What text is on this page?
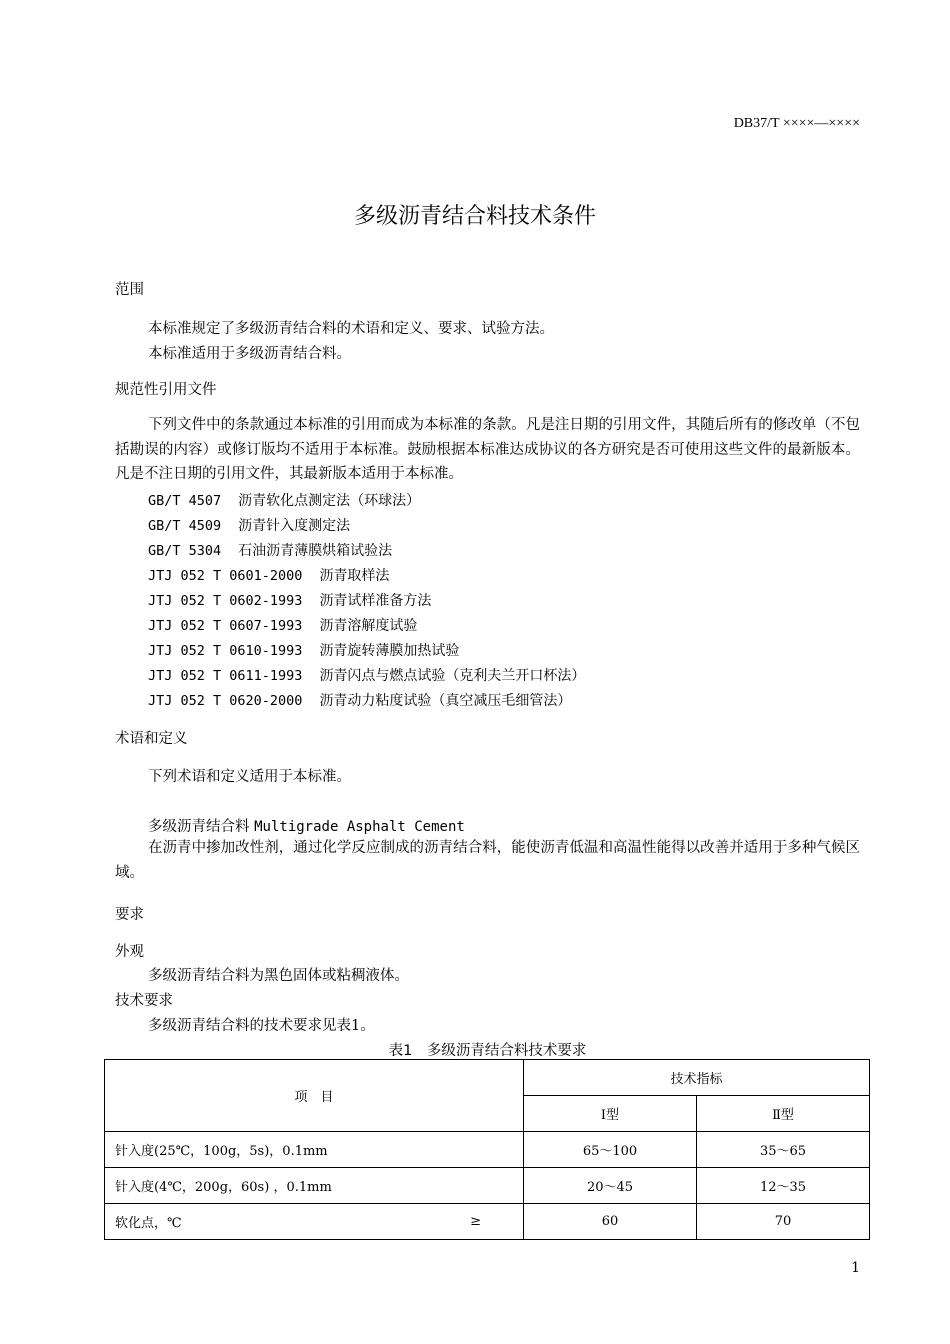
DB37/T ××××—××××
多级沥青结合料技术条件
范围
本标准规定了多级沥青结合料的术语和定义、要求、试验方法。
本标准适用于多级沥青结合料。
规范性引用文件
下列文件中的条款通过本标准的引用而成为本标准的条款。凡是注日期的引用文件，其随后所有的修改单（不包括勘误的内容）或修订版均不适用于本标准。鼓励根据本标准达成协议的各方研究是否可使用这些文件的最新版本。凡是不注日期的引用文件，其最新版本适用于本标准。
GB/T 4507 沥青软化点测定法（环球法）
GB/T 4509 沥青针入度测定法
GB/T 5304 石油沥青薄膜烘箱试验法
JTJ 052 T 0601-2000 沥青取样法
JTJ 052 T 0602-1993 沥青试样准备方法
JTJ 052 T 0607-1993 沥青溶解度试验
JTJ 052 T 0610-1993 沥青旋转薄膜加热试验
JTJ 052 T 0611-1993 沥青闪点与燃点试验（克利夫兰开口杯法）
JTJ 052 T 0620-2000 沥青动力粘度试验（真空减压毛细管法）
术语和定义
下列术语和定义适用于本标准。
多级沥青结合料 Multigrade Asphalt Cement
在沥青中掺加改性剂，通过化学反应制成的沥青结合料，能使沥青低温和高温性能得以改善并适用于多种气候区域。
要求
外观
多级沥青结合料为黑色固体或粘稠液体。
技术要求
多级沥青结合料的技术要求见表1。
表1　多级沥青结合料技术要求
项　目	技术指标	
	Ⅰ型	Ⅱ型
针入度(25℃，100g，5s)，0.1mm	65～100	35～65
针入度(4℃，200g，60s) ，0.1mm	20～45	12～35
软化点，℃ ≥	60	70
1
